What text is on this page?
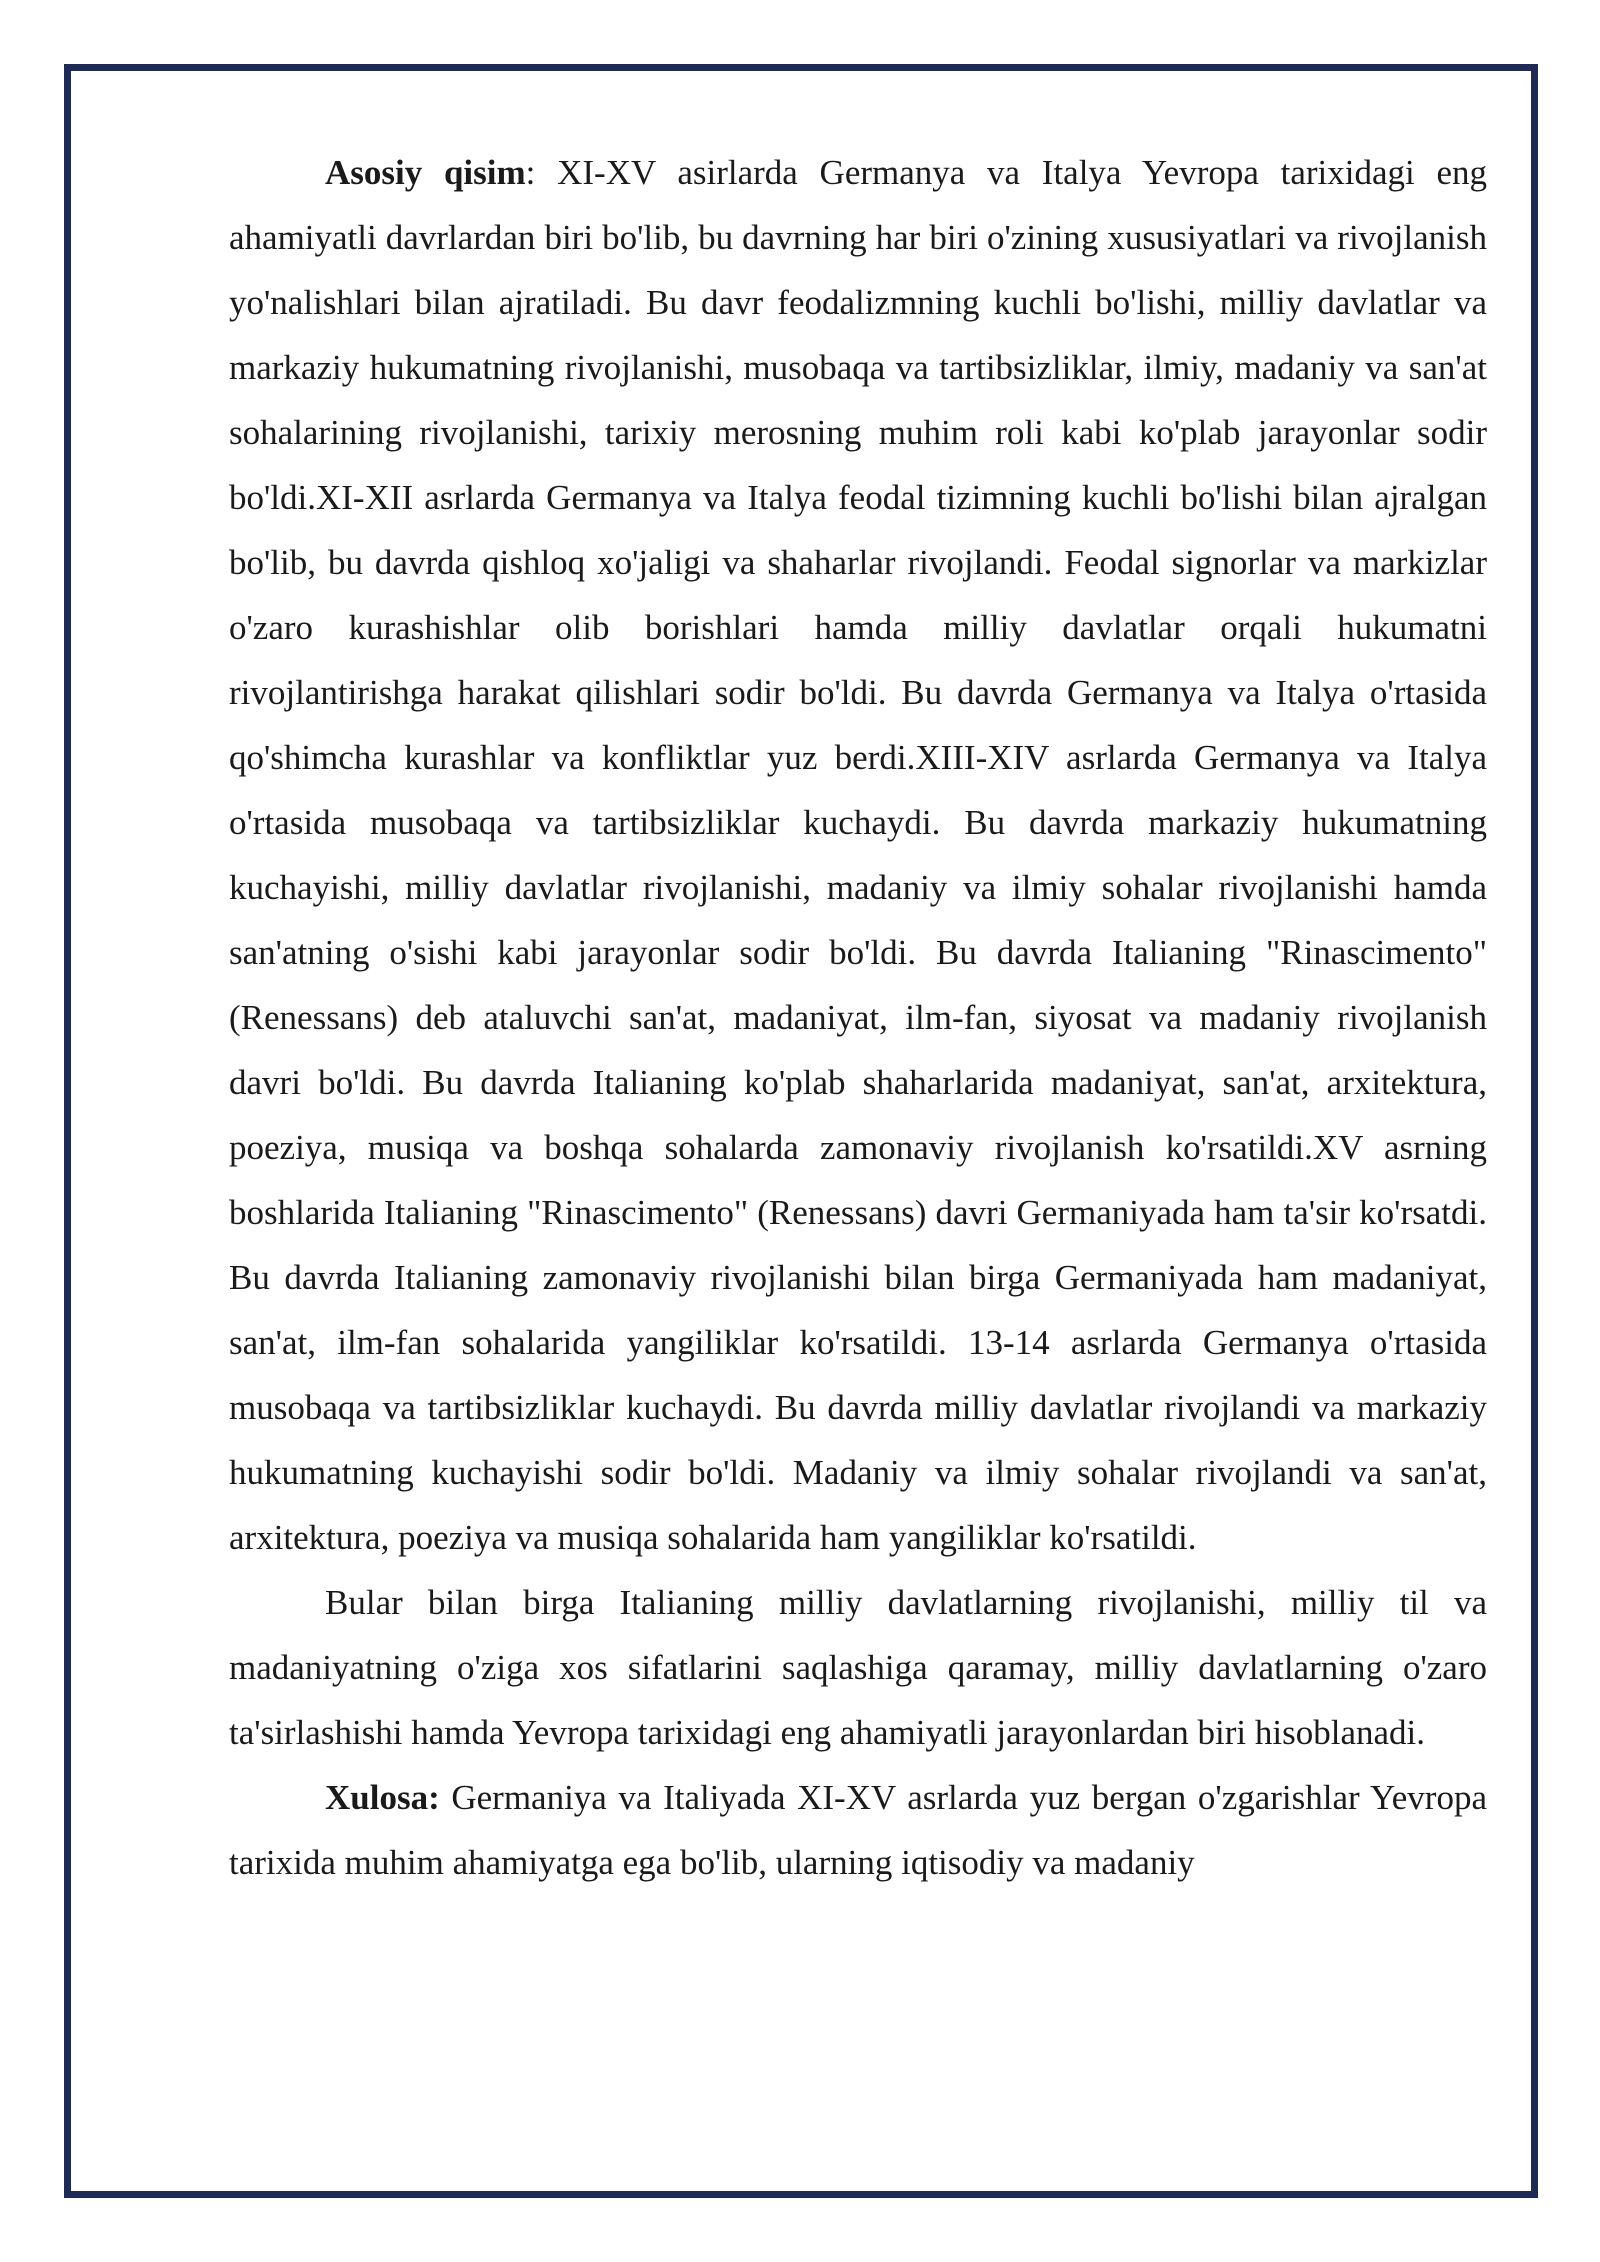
Asosiy qisim: XI-XV asirlarda Germanya va Italya Yevropa tarixidagi eng ahamiyatli davrlardan biri bo'lib, bu davrning har biri o'zining xususiyatlari va rivojlanish yo'nalishlari bilan ajratiladi. Bu davr feodalizmning kuchli bo'lishi, milliy davlatlar va markaziy hukumatning rivojlanishi, musobaqa va tartibsizliklar, ilmiy, madaniy va san'at sohalarining rivojlanishi, tarixiy merosning muhim roli kabi ko'plab jarayonlar sodir bo'ldi.XI-XII asrlarda Germanya va Italya feodal tizimning kuchli bo'lishi bilan ajralgan bo'lib, bu davrda qishloq xo'jaligi va shaharlar rivojlandi. Feodal signorlar va markizlar o'zaro kurashishlar olib borishlari hamda milliy davlatlar orqali hukumatni rivojlantirishga harakat qilishlari sodir bo'ldi. Bu davrda Germanya va Italya o'rtasida qo'shimcha kurashlar va konfliktlar yuz berdi.XIII-XIV asrlarda Germanya va Italya o'rtasida musobaqa va tartibsizliklar kuchaydi. Bu davrda markaziy hukumatning kuchayishi, milliy davlatlar rivojlanishi, madaniy va ilmiy sohalar rivojlanishi hamda san'atning o'sishi kabi jarayonlar sodir bo'ldi. Bu davrda Italianing "Rinascimento" (Renessans) deb ataluvchi san'at, madaniyat, ilm-fan, siyosat va madaniy rivojlanish davri bo'ldi. Bu davrda Italianing ko'plab shaharlarida madaniyat, san'at, arxitektura, poeziya, musiqa va boshqa sohalarda zamonaviy rivojlanish ko'rsatildi.XV asrning boshlarida Italianing "Rinascimento" (Renessans) davri Germaniyada ham ta'sir ko'rsatdi. Bu davrda Italianing zamonaviy rivojlanishi bilan birga Germaniyada ham madaniyat, san'at, ilm-fan sohalarida yangiliklar ko'rsatildi. 13-14 asrlarda Germanya o'rtasida musobaqa va tartibsizliklar kuchaydi. Bu davrda milliy davlatlar rivojlandi va markaziy hukumatning kuchayishi sodir bo'ldi. Madaniy va ilmiy sohalar rivojlandi va san'at, arxitektura, poeziya va musiqa sohalarida ham yangiliklar ko'rsatildi.

Bular bilan birga Italianing milliy davlatlarning rivojlanishi, milliy til va madaniyatning o'ziga xos sifatlarini saqlashiga qaramay, milliy davlatlarning o'zaro ta'sirlashishi hamda Yevropa tarixidagi eng ahamiyatli jarayonlardan biri hisoblanadi.

Xulosa: Germaniya va Italiyada XI-XV asrlarda yuz bergan o'zgarishlar Yevropa tarixida muhim ahamiyatga ega bo'lib, ularning iqtisodiy va madaniy
